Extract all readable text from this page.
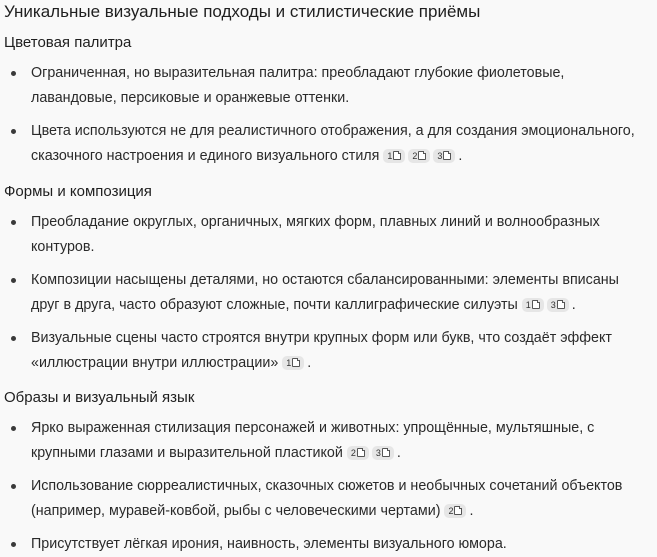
Уникальные визуальные подходы и стилистические приёмы
Цветовая палитра
Ограниченная, но выразительная палитра: преобладают глубокие фиолетовые, лавандовые, персиковые и оранжевые оттенки.
Цвета используются не для реалистичного отображения, а для создания эмоционального, сказочного настроения и единого визуального стиля 1 2 3 .
Формы и композиция
Преобладание округлых, органичных, мягких форм, плавных линий и волнообразных контуров.
Композиции насыщены деталями, но остаются сбалансированными: элементы вписаны друг в друга, часто образуют сложные, почти каллиграфические силуэты 1 3 .
Визуальные сцены часто строятся внутри крупных форм или букв, что создаёт эффект «иллюстрации внутри иллюстрации» 1 .
Образы и визуальный язык
Ярко выраженная стилизация персонажей и животных: упрощённые, мультяшные, с крупными глазами и выразительной пластикой 2 3 .
Использование сюрреалистичных, сказочных сюжетов и необычных сочетаний объектов (например, муравей-ковбой, рыбы с человеческими чертами) 2 .
Присутствует лёгкая ирония, наивность, элементы визуального юмора.
